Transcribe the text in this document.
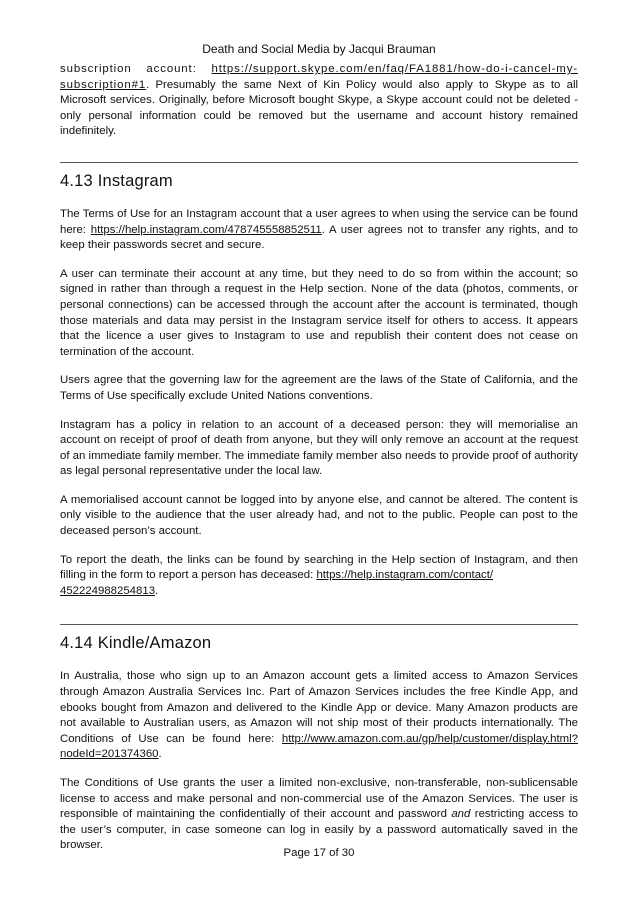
Death and Social Media by Jacqui Brauman

subscription account: https://support.skype.com/en/faq/FA1881/how-do-i-cancel-my-subscription#1. Presumably the same Next of Kin Policy would also apply to Skype as to all Microsoft services. Originally, before Microsoft bought Skype, a Skype account could not be deleted - only personal information could be removed but the username and account history remained indefinitely.

4.13 Instagram

The Terms of Use for an Instagram account that a user agrees to when using the service can be found here: https://help.instagram.com/478745558852511. A user agrees not to transfer any rights, and to keep their passwords secret and secure.

A user can terminate their account at any time, but they need to do so from within the account; so signed in rather than through a request in the Help section. None of the data (photos, comments, or personal connections) can be accessed through the account after the account is terminated, though those materials and data may persist in the Instagram service itself for others to access. It appears that the licence a user gives to Instagram to use and republish their content does not cease on termination of the account.

Users agree that the governing law for the agreement are the laws of the State of California, and the Terms of Use specifically exclude United Nations conventions.

Instagram has a policy in relation to an account of a deceased person: they will memorialise an account on receipt of proof of death from anyone, but they will only remove an account at the request of an immediate family member. The immediate family member also needs to provide proof of authority as legal personal representative under the local law.

A memorialised account cannot be logged into by anyone else, and cannot be altered. The content is only visible to the audience that the user already had, and not to the public. People can post to the deceased person’s account.

To report the death, the links can be found by searching in the Help section of Instagram, and then filling in the form to report a person has deceased: https://help.instagram.com/contact/
452224988254813.

4.14 Kindle/Amazon

In Australia, those who sign up to an Amazon account gets a limited access to Amazon Services through Amazon Australia Services Inc. Part of Amazon Services includes the free Kindle App, and ebooks bought from Amazon and delivered to the Kindle App or device. Many Amazon products are not available to Australian users, as Amazon will not ship most of their products internationally. The Conditions of Use can be found here: http://www.amazon.com.au/gp/help/customer/display.html?nodeId=201374360.

The Conditions of Use grants the user a limited non-exclusive, non-transferable, non-sublicensable license to access and make personal and non-commercial use of the Amazon Services. The user is responsible of maintaining the confidentially of their account and password and restricting access to the user’s computer, in case someone can log in easily by a password automatically saved in the browser.

Page 17 of 30
